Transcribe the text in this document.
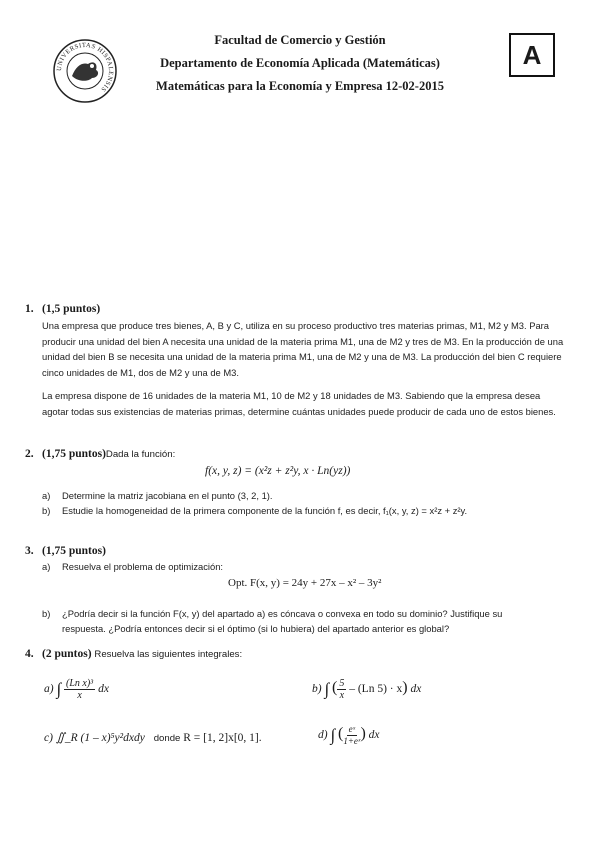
UNIVERSITAS HISPALENSIS
Facultad de Comercio y Gestión
Departamento de Economía Aplicada (Matemáticas)
Matemáticas para la Economía y Empresa 12-02-2015
A
1. (1,5 puntos)

Una empresa que produce tres bienes, A, B y C, utiliza en su proceso productivo tres materias primas, M1, M2 y M3. Para producir una unidad del bien A necesita una unidad de la materia prima M1, una de M2 y tres de M3. En la producción de una unidad del bien B se necesita una unidad de la materia prima M1, una de M2 y una de M3. La producción del bien C requiere cinco unidades de M1, dos de M2 y una de M3.

La empresa dispone de 16 unidades de la materia M1, 10 de M2 y 18 unidades de M3. Sabiendo que la empresa desea agotar todas sus existencias de materias primas, determine cuántas unidades puede producir de cada uno de estos bienes.

2. (1,75 puntos)Dada la función:
f(x, y, z) = (x²z + z²y, x · Ln(yz))
a) Determine la matriz jacobiana en el punto (3, 2, 1).
b) Estudie la homogeneidad de la primera componente de la función f, es decir, f₁(x, y, z) = x²z + z²y.
3. (1,75 puntos)
a) Resuelva el problema de optimización:
Opt. F(x, y) = 24y + 27x – x² – 3y²
b) ¿Podría decir si la función F(x, y) del apartado a) es cóncava o convexa en todo su dominio? Justifique su
respuesta. ¿Podría entonces decir si el óptimo (si lo hubiera) del apartado anterior es global?
4. (2 puntos) Resuelva las siguientes integrales:
a) ∫ $\frac{\text{(Ln x)³}}{x}$ dx	b) ∫ ( $\frac{5}{x} - (Ln$ 5) · x) dx
c) ∬_R (1 – x)⁵y²dxdy donde R = [1, 2]x[0, 1].	d) ∫ ( $\frac{\text{eˣ}}{\text{1+eˣ}}$ ) dx
